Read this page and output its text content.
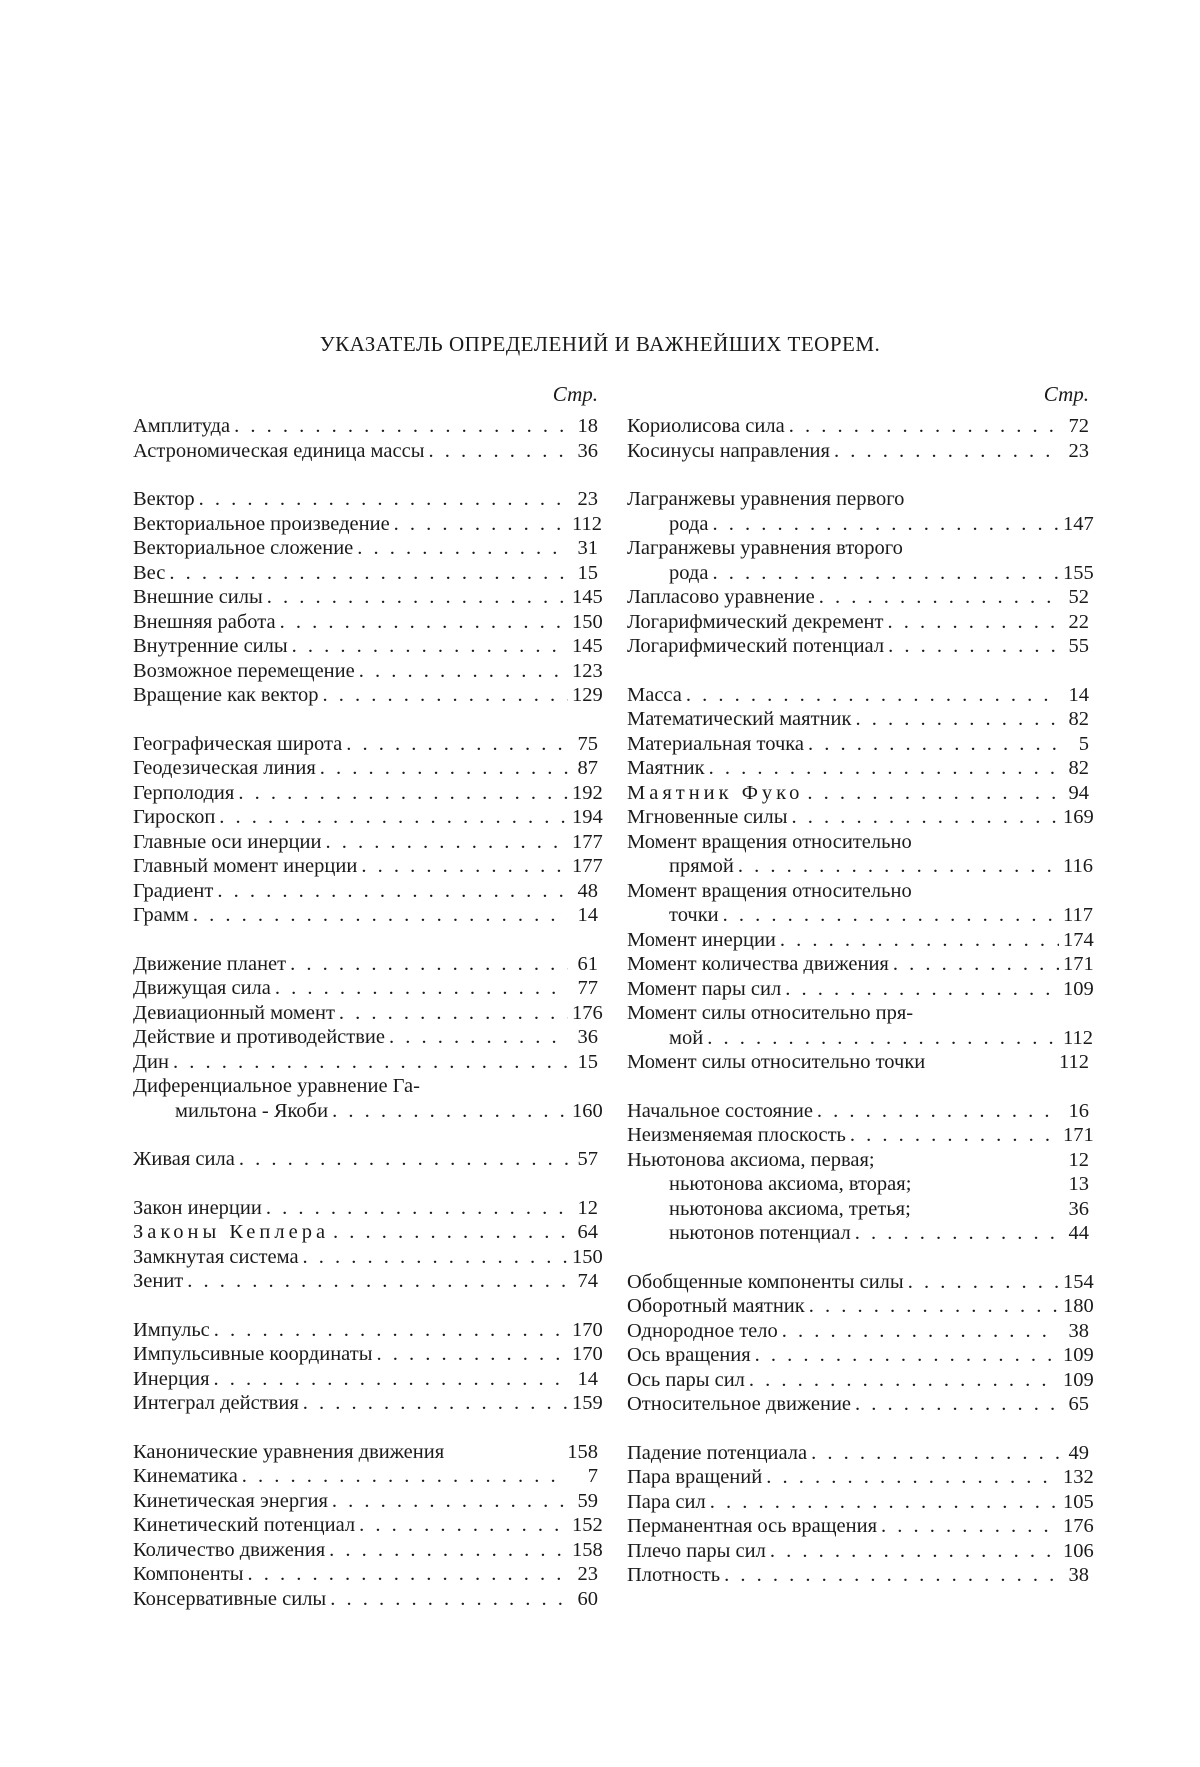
УКАЗАТЕЛЬ ОПРЕДЕЛЕНИЙ И ВАЖНЕЙШИХ ТЕОРЕМ.
Стр.
Амплитуда . . .	18
Астрономическая единица массы . . .	36
Вектор . . .	23
Векториальное произведение . . .	112
Векториальное сложение . . .	31
Вес . . .	15
Внешние силы . . .	145
Внешняя работа . . .	150
Внутренние силы . . .	145
Возможное перемещение . . .	123
Вращение как вектор . . .	129
Географическая широта . . .	75
Геодезическая линия . . .	87
Герполодия . . .	192
Гироскоп . . .	194
Главные оси инерции . . .	177
Главный момент инерции . . .	177
Градиент . . .	48
Грамм . . .	14
Движение планет . . .	61
Движущая сила . . .	77
Девиационный момент . . .	176
Действие и противодействие . . .	36
Дин . . .	15
Диференциальное уравнение Га-
мильтона - Якоби . . .	160
Живая сила . . .	57
Закон инерции . . .	12
Законы Кеплера . . .	64
Замкнутая система . . .	150
Зенит . . .	74
Импульс . . .	170
Импульсивные координаты . . .	170
Инерция . . .	14
Интеграл действия . . .	159
Канонические уравнения движения	158
Кинематика . . .	7
Кинетическая энергия . . .	59
Кинетический потенциал . . .	152
Количество движения . . .	158
Компоненты . . .	23
Консервативные силы . . .	60
Стр.
Кориолисова сила . . .	72
Косинусы направления . . .	23
Лагранжевы уравнения первого
рода . . .	147
Лагранжевы уравнения второго
рода . . .	155
Лапласово уравнение . . .	52
Логарифмический декремент . . .	22
Логарифмический потенциал . . .	55
Масса . . .	14
Математический маятник . . .	82
Материальная точка . . .	5
Маятник . . .	82
Маятник Фуко . . .	94
Мгновенные силы . . .	169
Момент вращения относительно
прямой . . .	116
Момент вращения относительно
точки . . .	117
Момент инерции . . .	174
Момент количества движения . . .	171
Момент пары сил . . .	109
Момент силы относительно пря-
мой . . .	112
Момент силы относительно точки	112
Начальное состояние . . .	16
Неизменяемая плоскость . . .	171
Ньютонова аксиома, первая;	12
ньютонова аксиома, вторая;	13
ньютонова аксиома, третья;	36
ньютонов потенциал . . .	44
Обобщенные компоненты силы . . .	154
Оборотный маятник . . .	180
Однородное тело . . .	38
Ось вращения . . .	109
Ось пары сил . . .	109
Относительное движение . . .	65
Падение потенциала . . .	49
Пара вращений . . .	132
Пара сил . . .	105
Перманентная ось вращения . . .	176
Плечо пары сил . . .	106
Плотность . . .	38
